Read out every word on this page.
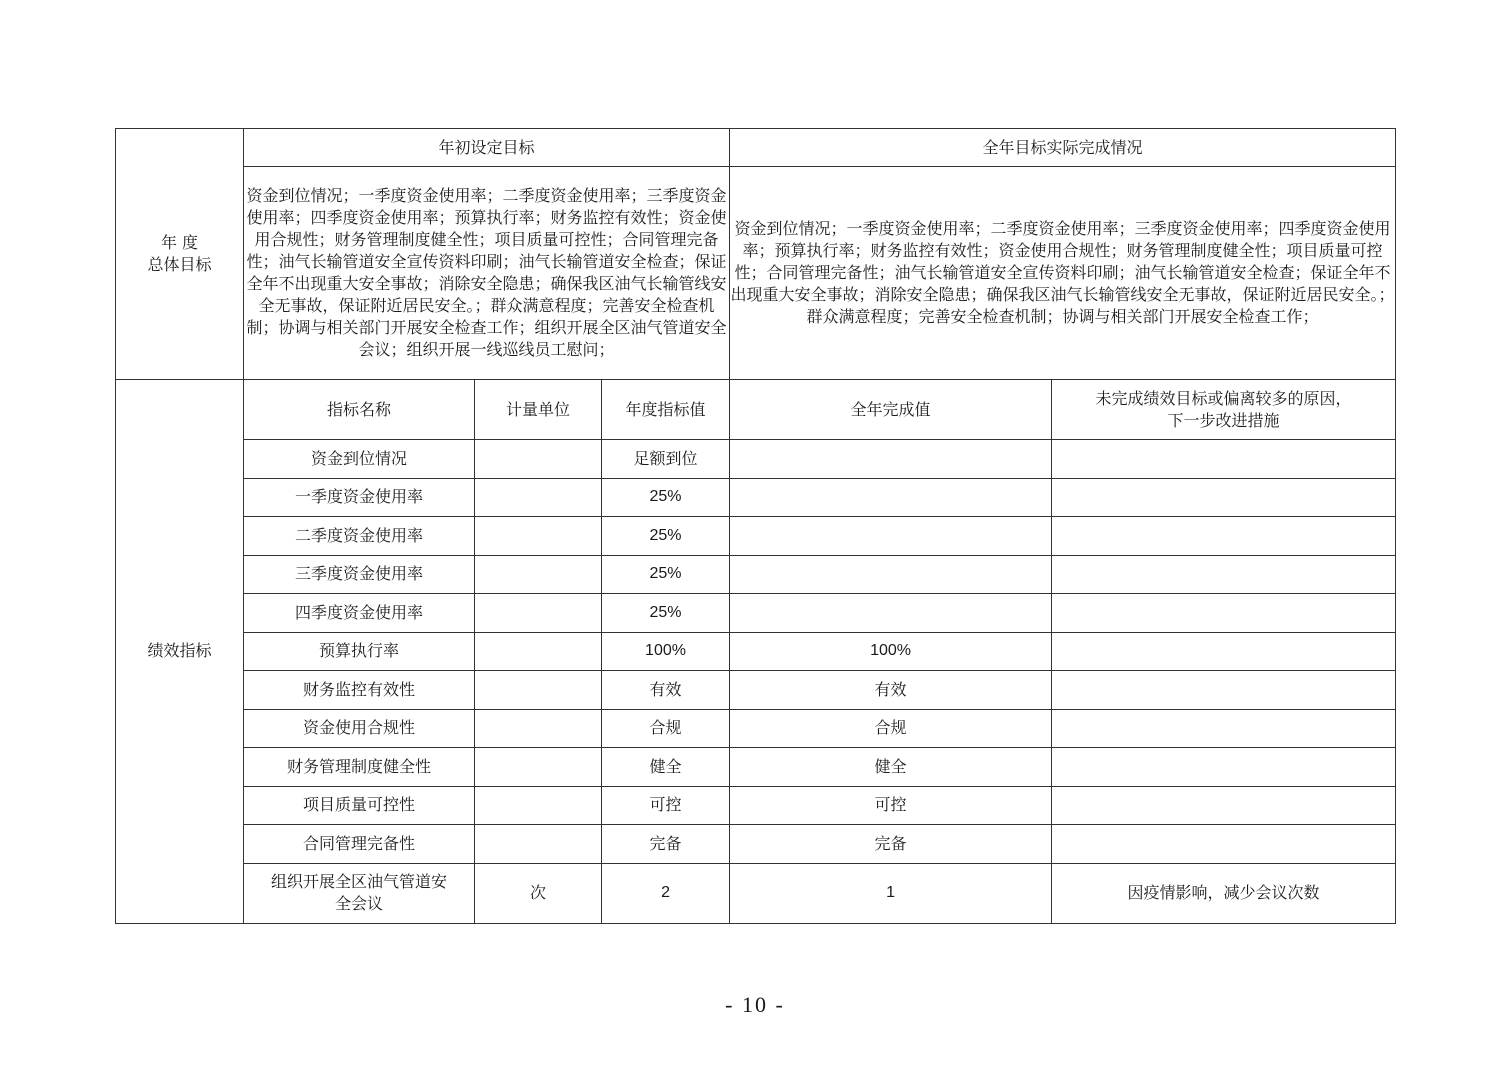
年 度
总体目标	年初设定目标			全年目标实际完成情况	
	资金到位情况；一季度资金使用率；二季度资金使用率；三季度资金使用率；四季度资金使用率；预算执行率；财务监控有效性；资金使用合规性；财务管理制度健全性；项目质量可控性；合同管理完备性；油气长输管道安全宣传资料印刷；油气长输管道安全检查；保证全年不出现重大安全事故；消除安全隐患；确保我区油气长输管线安全无事故，保证附近居民安全。；群众满意程度；完善安全检查机制；协调与相关部门开展安全检查工作；组织开展全区油气管道安全会议；组织开展一线巡线员工慰问；			资金到位情况；一季度资金使用率；二季度资金使用率；三季度资金使用率；四季度资金使用率；预算执行率；财务监控有效性；资金使用合规性；财务管理制度健全性；项目质量可控性；合同管理完备性；油气长输管道安全宣传资料印刷；油气长输管道安全检查；保证全年不出现重大安全事故；消除安全隐患；确保我区油气长输管线安全无事故，保证附近居民安全。；群众满意程度；完善安全检查机制；协调与相关部门开展安全检查工作；	
绩效指标	指标名称	计量单位	年度指标值	全年完成值	未完成绩效目标或偏离较多的原因，
下一步改进措施

	资金到位情况		足额到位		
	一季度资金使用率		25%		
	二季度资金使用率		25%		
	三季度资金使用率		25%		
	四季度资金使用率		25%		
	预算执行率		100%	100%	
	财务监控有效性		有效	有效	
	资金使用合规性		合规	合规	
	财务管理制度健全性		健全	健全	
	项目质量可控性		可控	可控	
	合同管理完备性		完备	完备	

	组织开展全区油气管道安
全会议	次	2	1	因疫情影响，减少会议次数
- 10 -
